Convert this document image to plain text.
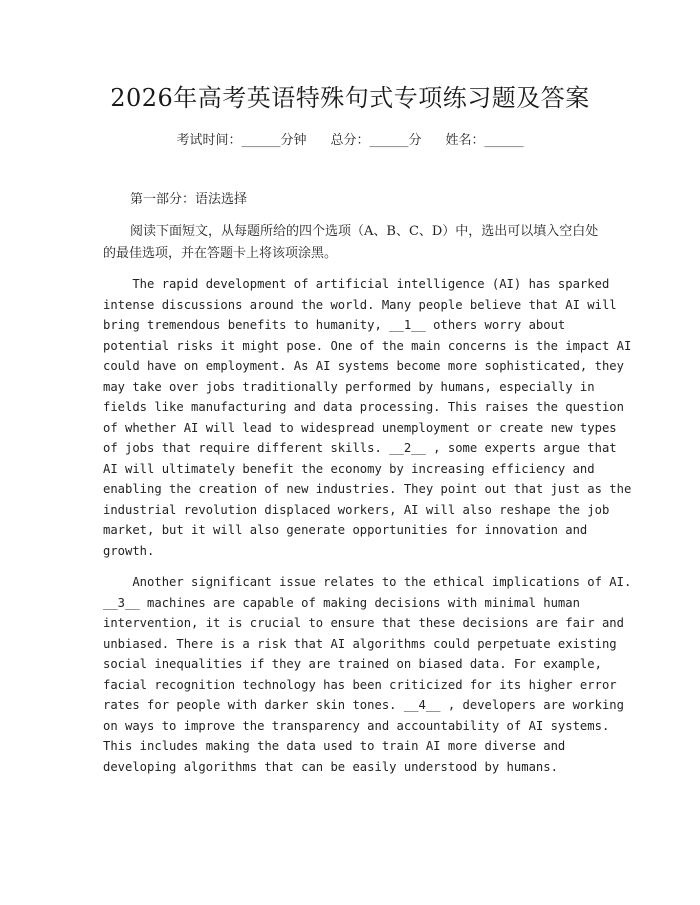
2026年高考英语特殊句式专项练习题及答案
考试时间：______分钟 总分：______分 姓名：______
第一部分：语法选择
阅读下面短文，从每题所给的四个选项（A、B、C、D）中，选出可以填入空白处的最佳选项，并在答题卡上将该项涂黑。
The rapid development of artificial intelligence (AI) has sparked
intense discussions around the world. Many people believe that AI will
bring tremendous benefits to humanity, __1__ others worry about
potential risks it might pose. One of the main concerns is the impact AI
could have on employment. As AI systems become more sophisticated, they
may take over jobs traditionally performed by humans, especially in
fields like manufacturing and data processing. This raises the question
of whether AI will lead to widespread unemployment or create new types
of jobs that require different skills. __2__ , some experts argue that
AI will ultimately benefit the economy by increasing efficiency and
enabling the creation of new industries. They point out that just as the
industrial revolution displaced workers, AI will also reshape the job
market, but it will also generate opportunities for innovation and
growth.
Another significant issue relates to the ethical implications of AI.
__3__ machines are capable of making decisions with minimal human
intervention, it is crucial to ensure that these decisions are fair and
unbiased. There is a risk that AI algorithms could perpetuate existing
social inequalities if they are trained on biased data. For example,
facial recognition technology has been criticized for its higher error
rates for people with darker skin tones. __4__ , developers are working
on ways to improve the transparency and accountability of AI systems.
This includes making the data used to train AI more diverse and
developing algorithms that can be easily understood by humans.
